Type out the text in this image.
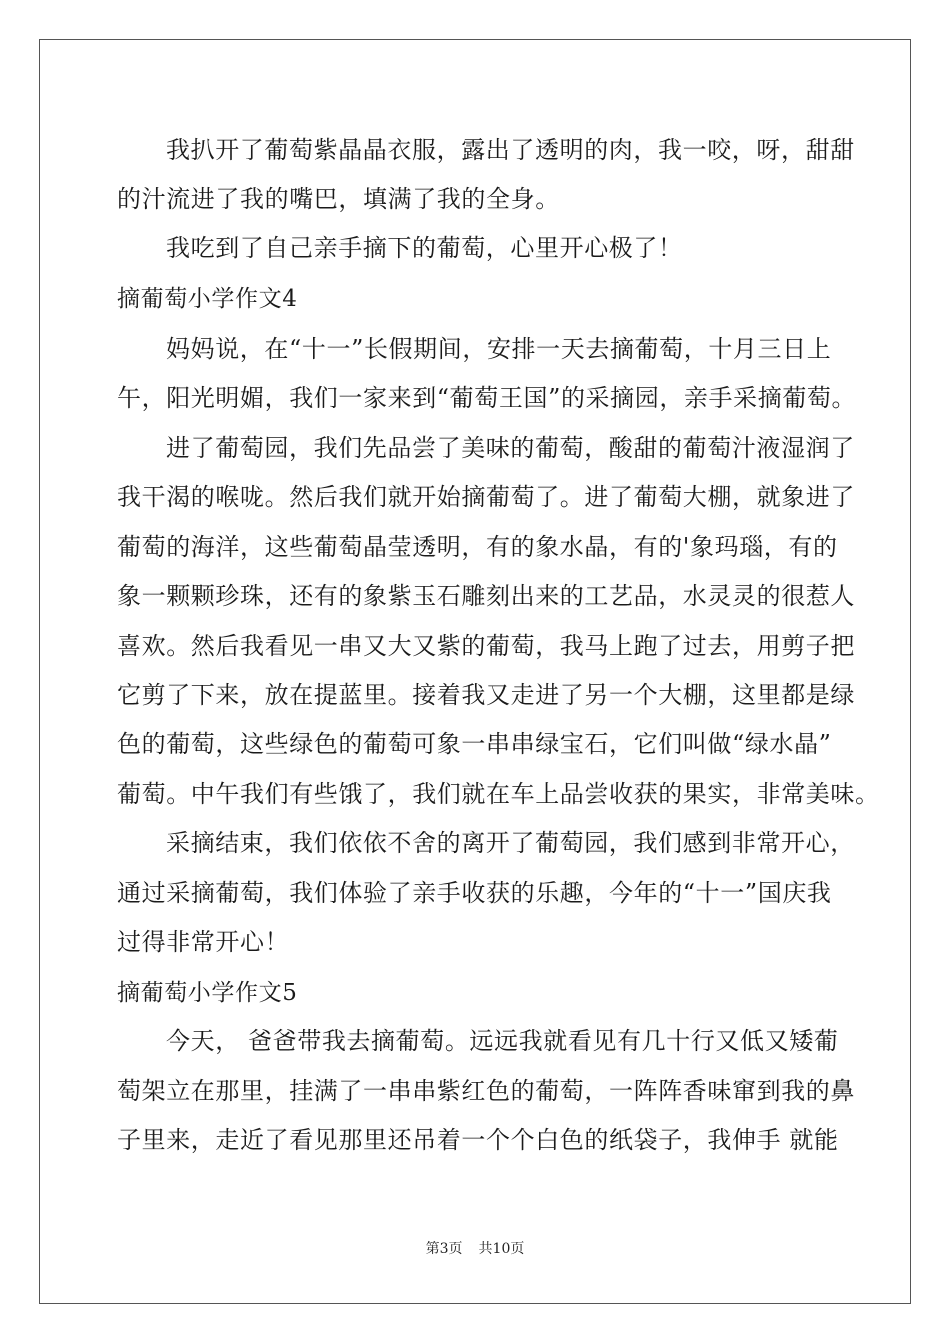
我扒开了葡萄紫晶晶衣服，露出了透明的肉，我一咬，呀，甜甜
的汁流进了我的嘴巴，填满了我的全身。
我吃到了自己亲手摘下的葡萄，心里开心极了！
摘葡萄小学作文4
妈妈说，在“十一”长假期间，安排一天去摘葡萄，十月三日上
午，阳光明媚，我们一家来到“葡萄王国”的采摘园，亲手采摘葡萄。
进了葡萄园，我们先品尝了美味的葡萄，酸甜的葡萄汁液湿润了
我干渴的喉咙。然后我们就开始摘葡萄了。进了葡萄大棚，就象进了
葡萄的海洋，这些葡萄晶莹透明，有的象水晶，有的'象玛瑙，有的
象一颗颗珍珠，还有的象紫玉石雕刻出来的工艺品，水灵灵的很惹人
喜欢。然后我看见一串又大又紫的葡萄，我马上跑了过去，用剪子把
它剪了下来，放在提蓝里。接着我又走进了另一个大棚，这里都是绿
色的葡萄，这些绿色的葡萄可象一串串绿宝石，它们叫做“绿水晶”
葡萄。中午我们有些饿了，我们就在车上品尝收获的果实，非常美味。
采摘结束，我们依依不舍的离开了葡萄园，我们感到非常开心，
通过采摘葡萄，我们体验了亲手收获的乐趣，今年的“十一”国庆我
过得非常开心！
摘葡萄小学作文5
今天， 爸爸带我去摘葡萄。远远我就看见有几十行又低又矮葡
萄架立在那里，挂满了一串串紫红色的葡萄，一阵阵香味窜到我的鼻
子里来，走近了看见那里还吊着一个个白色的纸袋子，我伸手 就能
第3页 共10页
